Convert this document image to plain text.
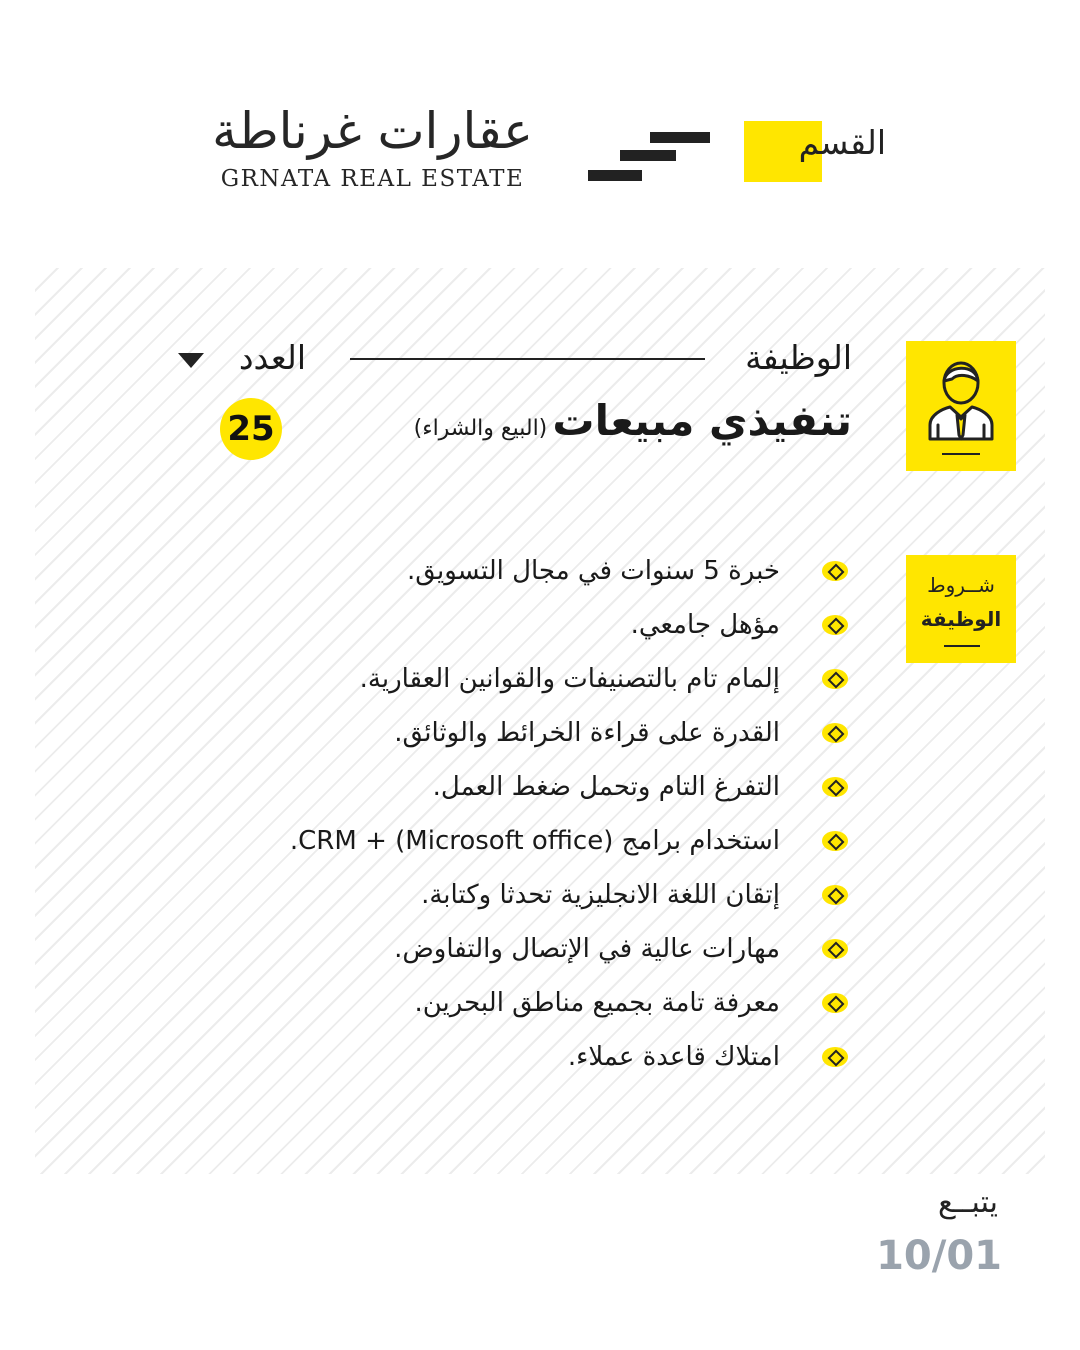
عقارات غرناطة
GRNATA REAL ESTATE
القسم
الوظيفة
العدد
تنفيذي مبيعات (البيع والشراء)
25
شــروط
الوظيفة
خبرة 5 سنوات في مجال التسويق.
مؤهل جامعي.
إلمام تام بالتصنيفات والقوانين العقارية.
القدرة على قراءة الخرائط والوثائق.
التفرغ التام وتحمل ضغط العمل.
استخدام برامج (Microsoft office) + CRM.
إتقان اللغة الانجليزية تحدثا وكتابة.
مهارات عالية في الإتصال والتفاوض.
معرفة تامة بجميع مناطق البحرين.
امتلاك قاعدة عملاء.
يتبــع
10/01
